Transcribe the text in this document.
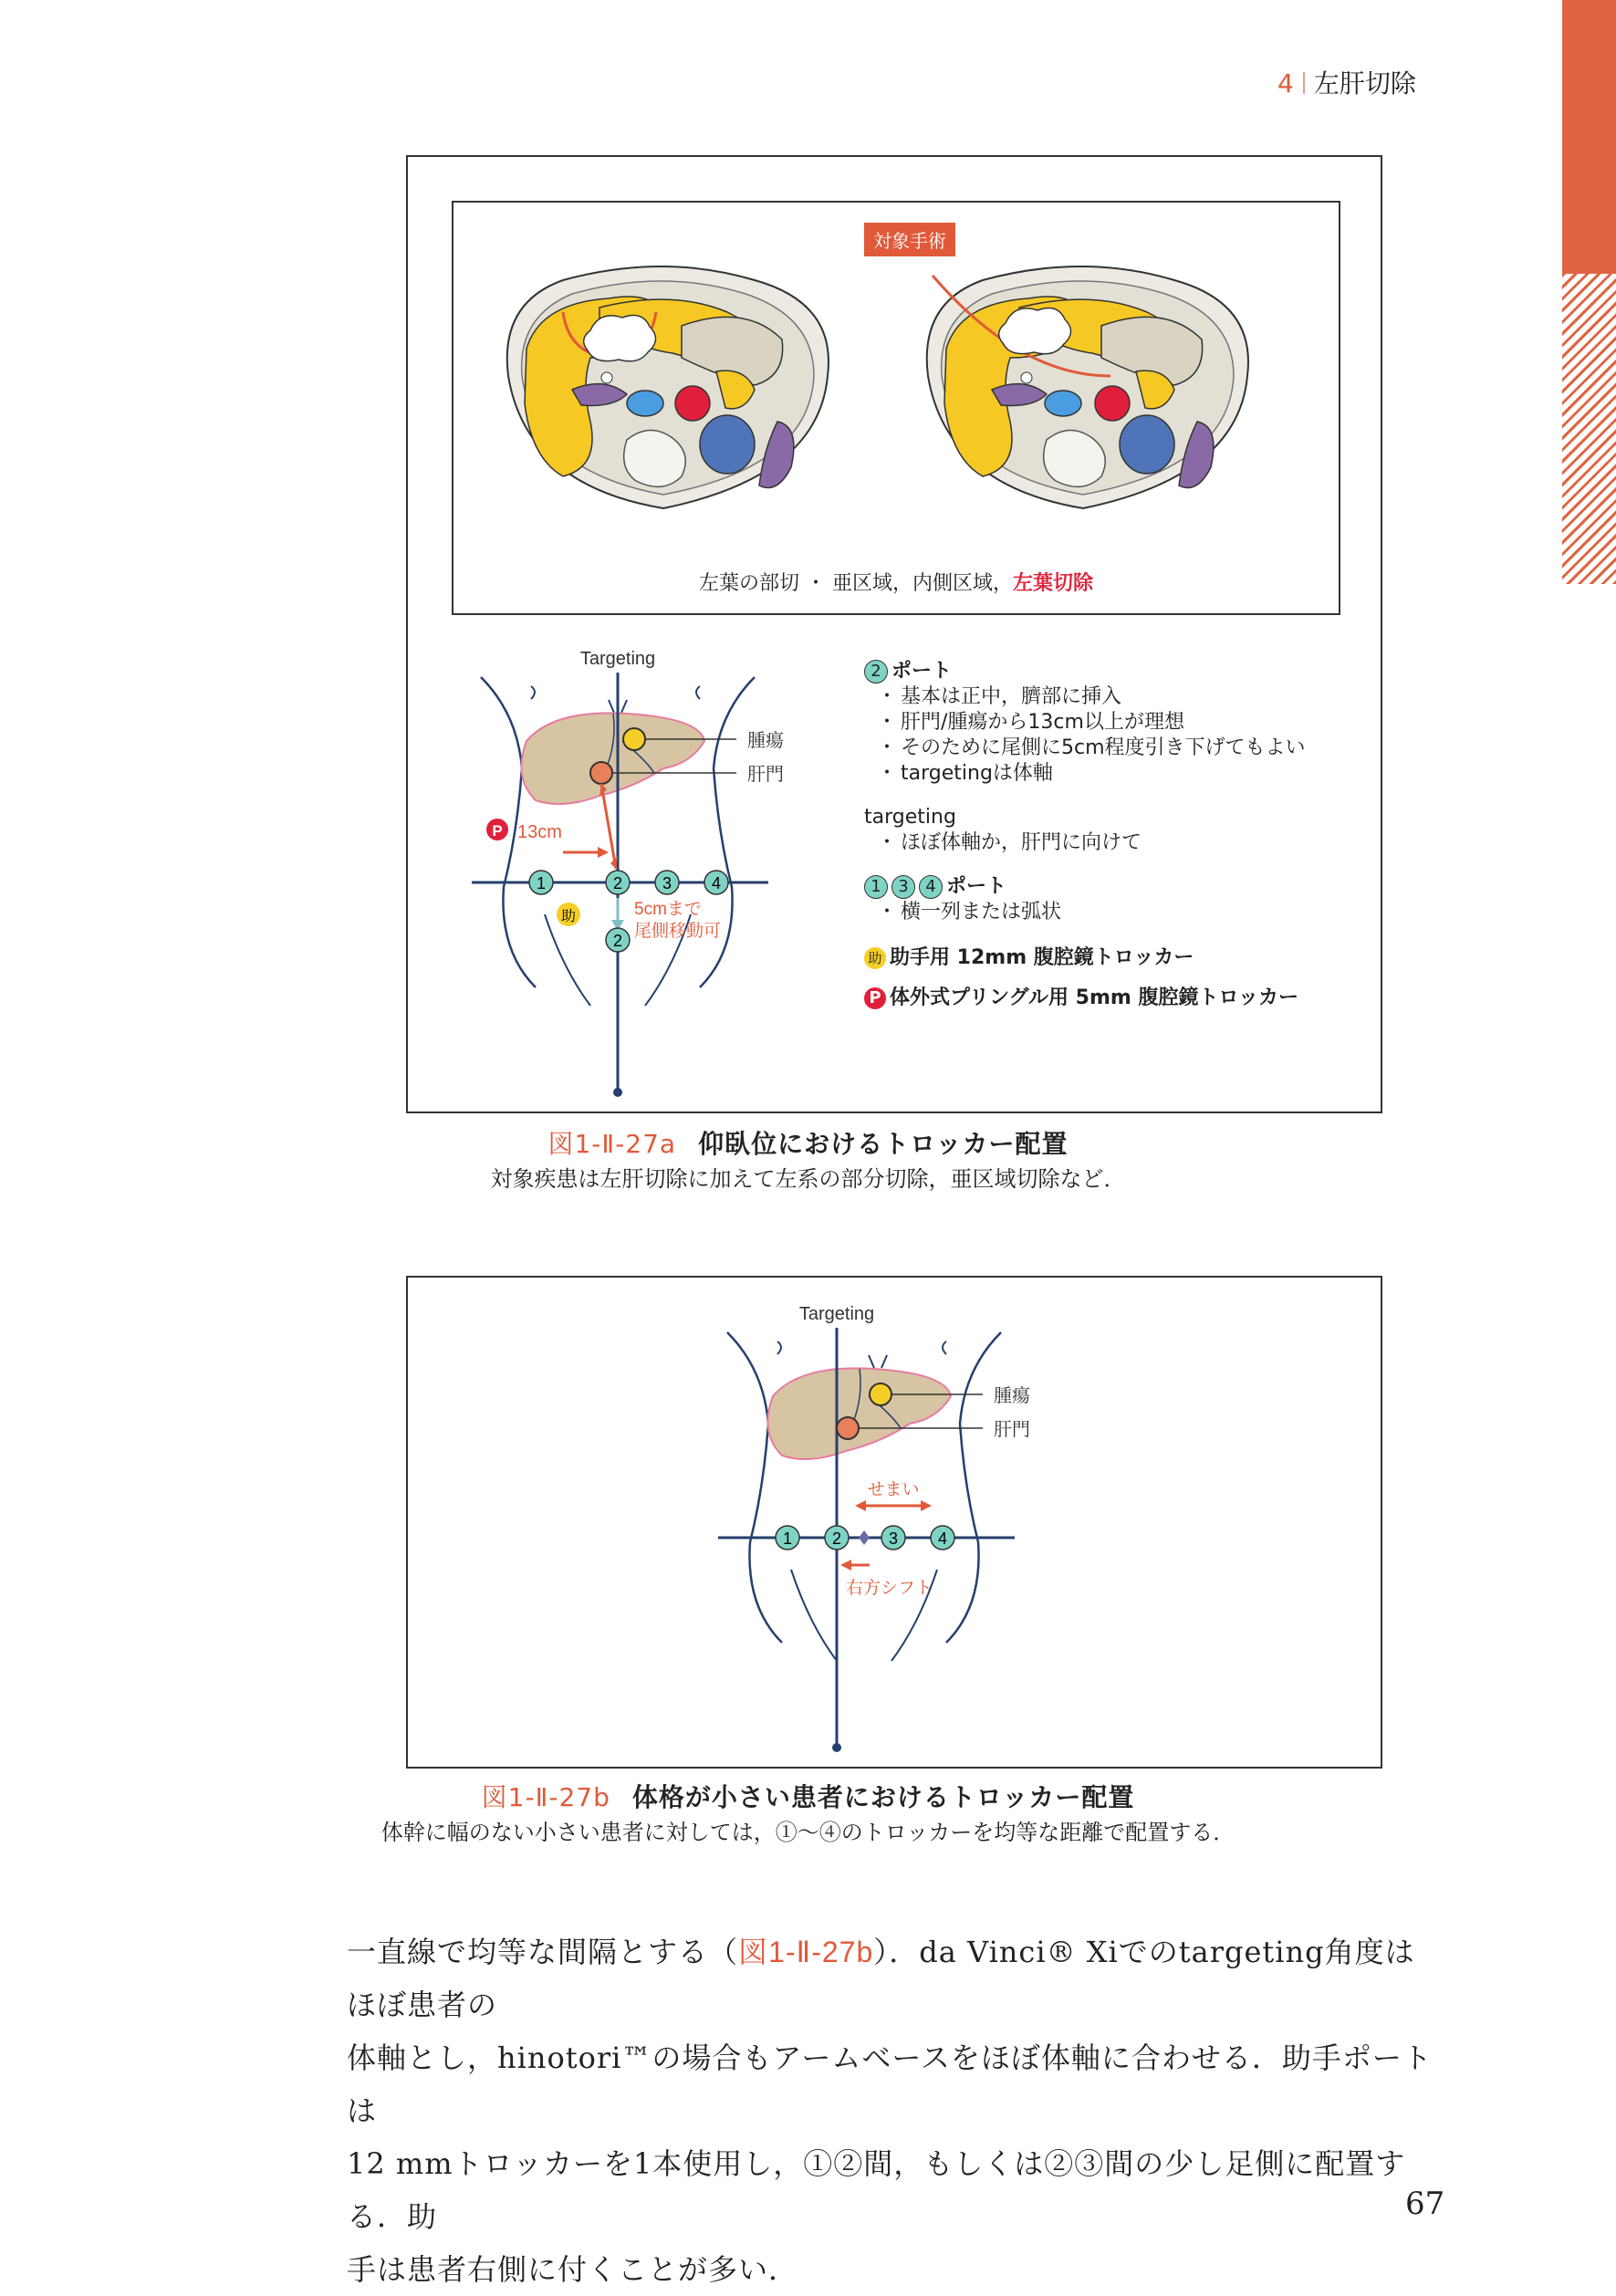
4 左肝切除
対象手術
左葉の部切 ・ 亜区域，内側区域，左葉切除
P 13cm
Targeting
腫瘍
肝門
1	2 3 4
2
助	5cmまで
尾側移動可
2 ポート
・ 基本は正中，臍部に挿入
・ 肝門/腫瘍から13cm以上が理想
・ そのために尾側に5cm程度引き下げてもよい
・ targetingは体軸
targeting
・ ほぼ体軸か，肝門に向けて
1	3	4 ポート
・ 横一列または弧状
助 助手用 12mm 腹腔鏡トロッカー
P 体外式プリングル用 5mm 腹腔鏡トロッカー
図1-Ⅱ-27a 仰臥位におけるトロッカー配置
対象疾患は左肝切除に加えて左系の部分切除，亜区域切除など．
Targeting
腫瘍
肝門
せまい
1 2	3 4
右方シフト
図1-Ⅱ-27b 体格が小さい患者におけるトロッカー配置
体幹に幅のない小さい患者に対しては，①～④のトロッカーを均等な距離で配置する．

一直線で均等な間隔とする（図1-Ⅱ-27b）．da Vinci® Xiでのtargeting角度はほぼ患者の

体軸とし，hinotori™の場合もアームベースをほぼ体軸に合わせる．助手ポートは

12 mmトロッカーを1本使用し，①②間，もしくは②③間の少し足側に配置する．助

手は患者右側に付くことが多い．

67
